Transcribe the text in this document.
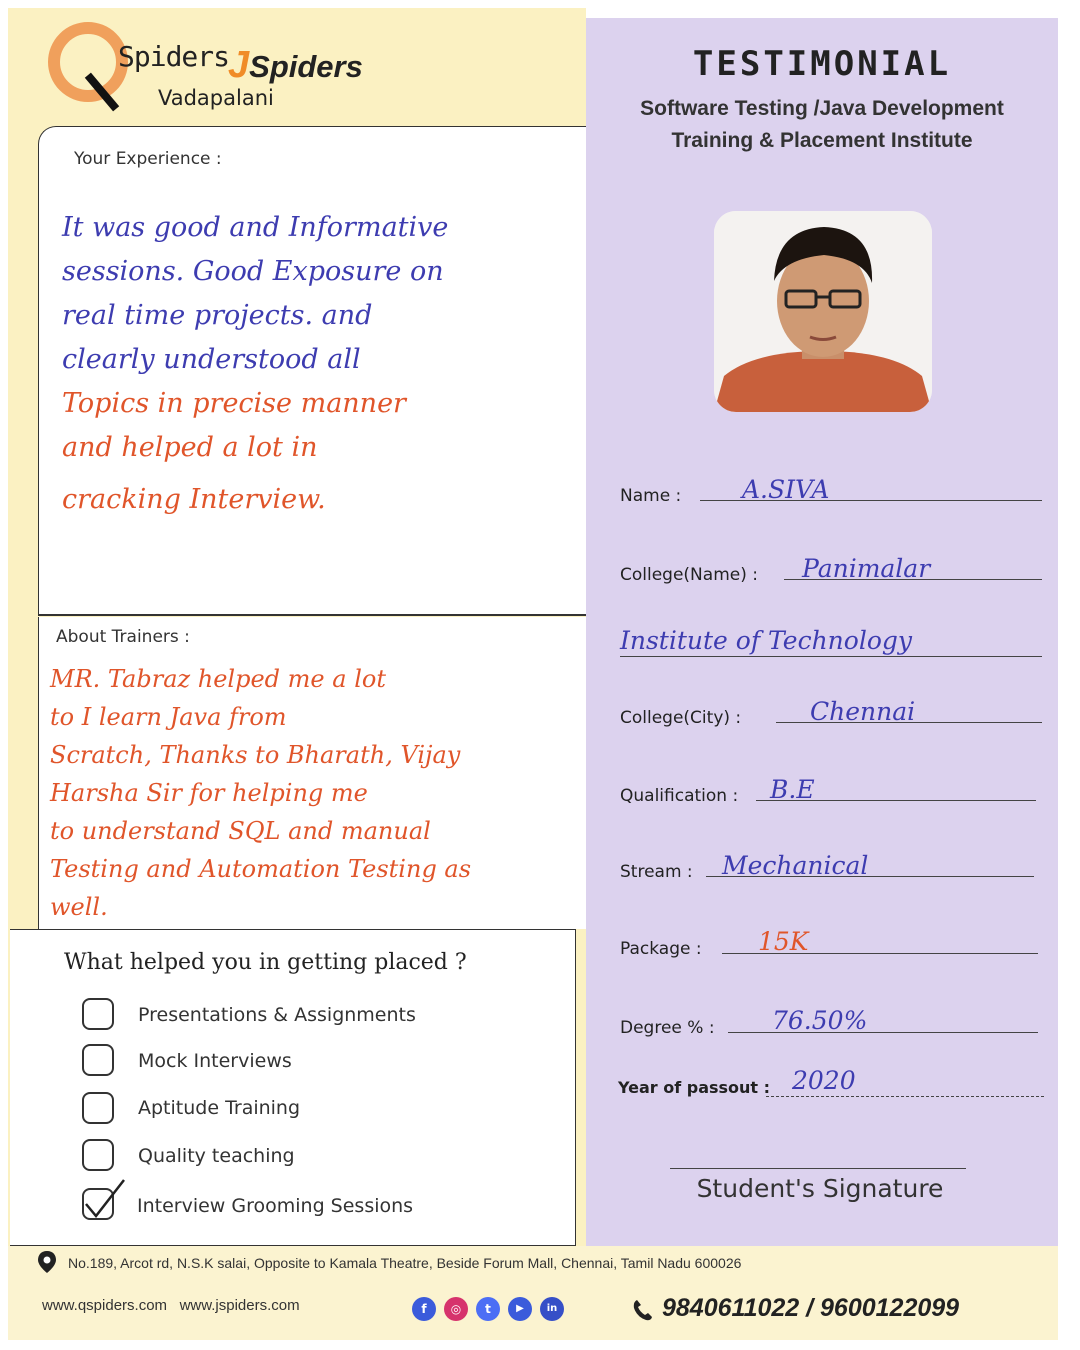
Spiders
JSpiders
Vadapalani
TESTIMONIAL
Software Testing /Java Development
Training & Placement Institute
Your Experience :
It was good and Informative
sessions. Good Exposure on
real time projects. and
clearly understood all
Topics in precise manner
and helped a lot in
cracking Interview.
About Trainers :
MR. Tabraz helped me a lot
to I learn Java from
Scratch, Thanks to Bharath, Vijay
Harsha Sir for helping me
to understand SQL and manual
Testing and Automation Testing as
well.
What helped you in getting placed ?
Presentations & Assignments
Mock Interviews
Aptitude Training
Quality teaching
Interview Grooming Sessions
Name : A.SIVA
College(Name) : Panimalar
Institute of Technology
College(City) :	Chennai
Qualification : B.E
Stream : Mechanical
Package : 15K
Degree % : 76.50%
Year of passout : 2020
Student's Signature
No.189, Arcot rd, N.S.K salai, Opposite to Kamala Theatre, Beside Forum Mall, Chennai, Tamil Nadu 600026
www.qspiders.com www.jspiders.com	f	◎	t	▶	in	9840611022 / 9600122099
